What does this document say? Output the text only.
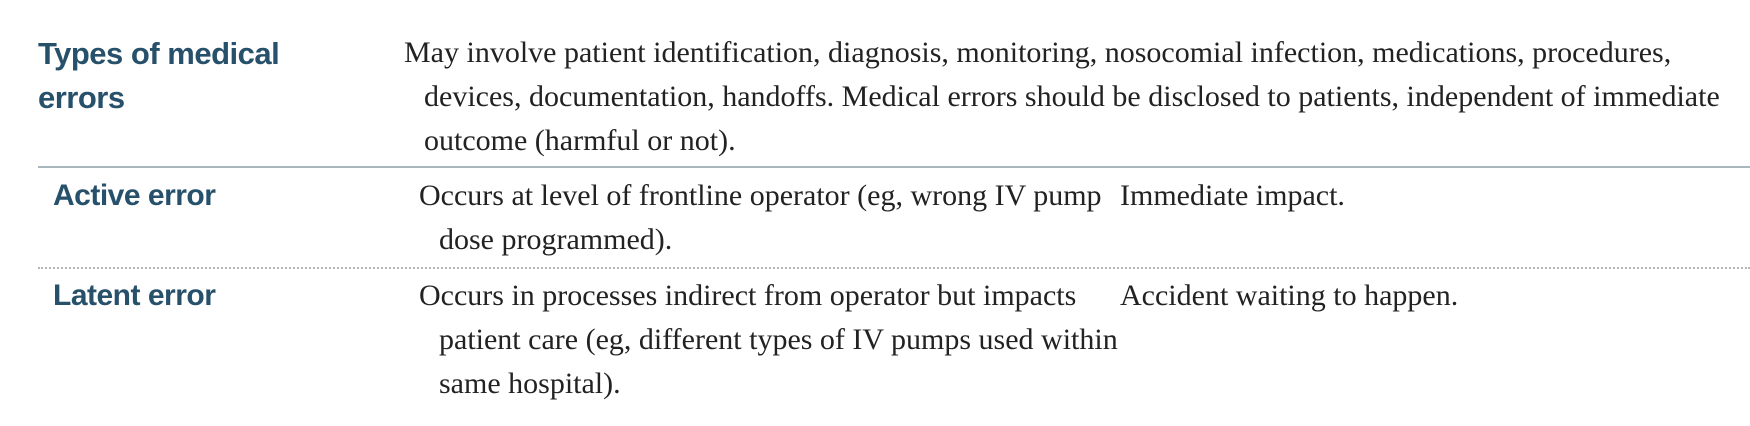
Types of medical errors

May involve patient identification, diagnosis, monitoring, nosocomial infection, medications, procedures, devices, documentation, handoffs. Medical errors should be disclosed to patients, independent of immediate outcome (harmful or not).

Active error	Occurs at level of frontline operator (eg, wrong IV pump dose programmed).

Immediate impact.

Latent error	Occurs in processes indirect from operator but impacts patient care (eg, different types of IV pumps used within same hospital).

Accident waiting to happen.
